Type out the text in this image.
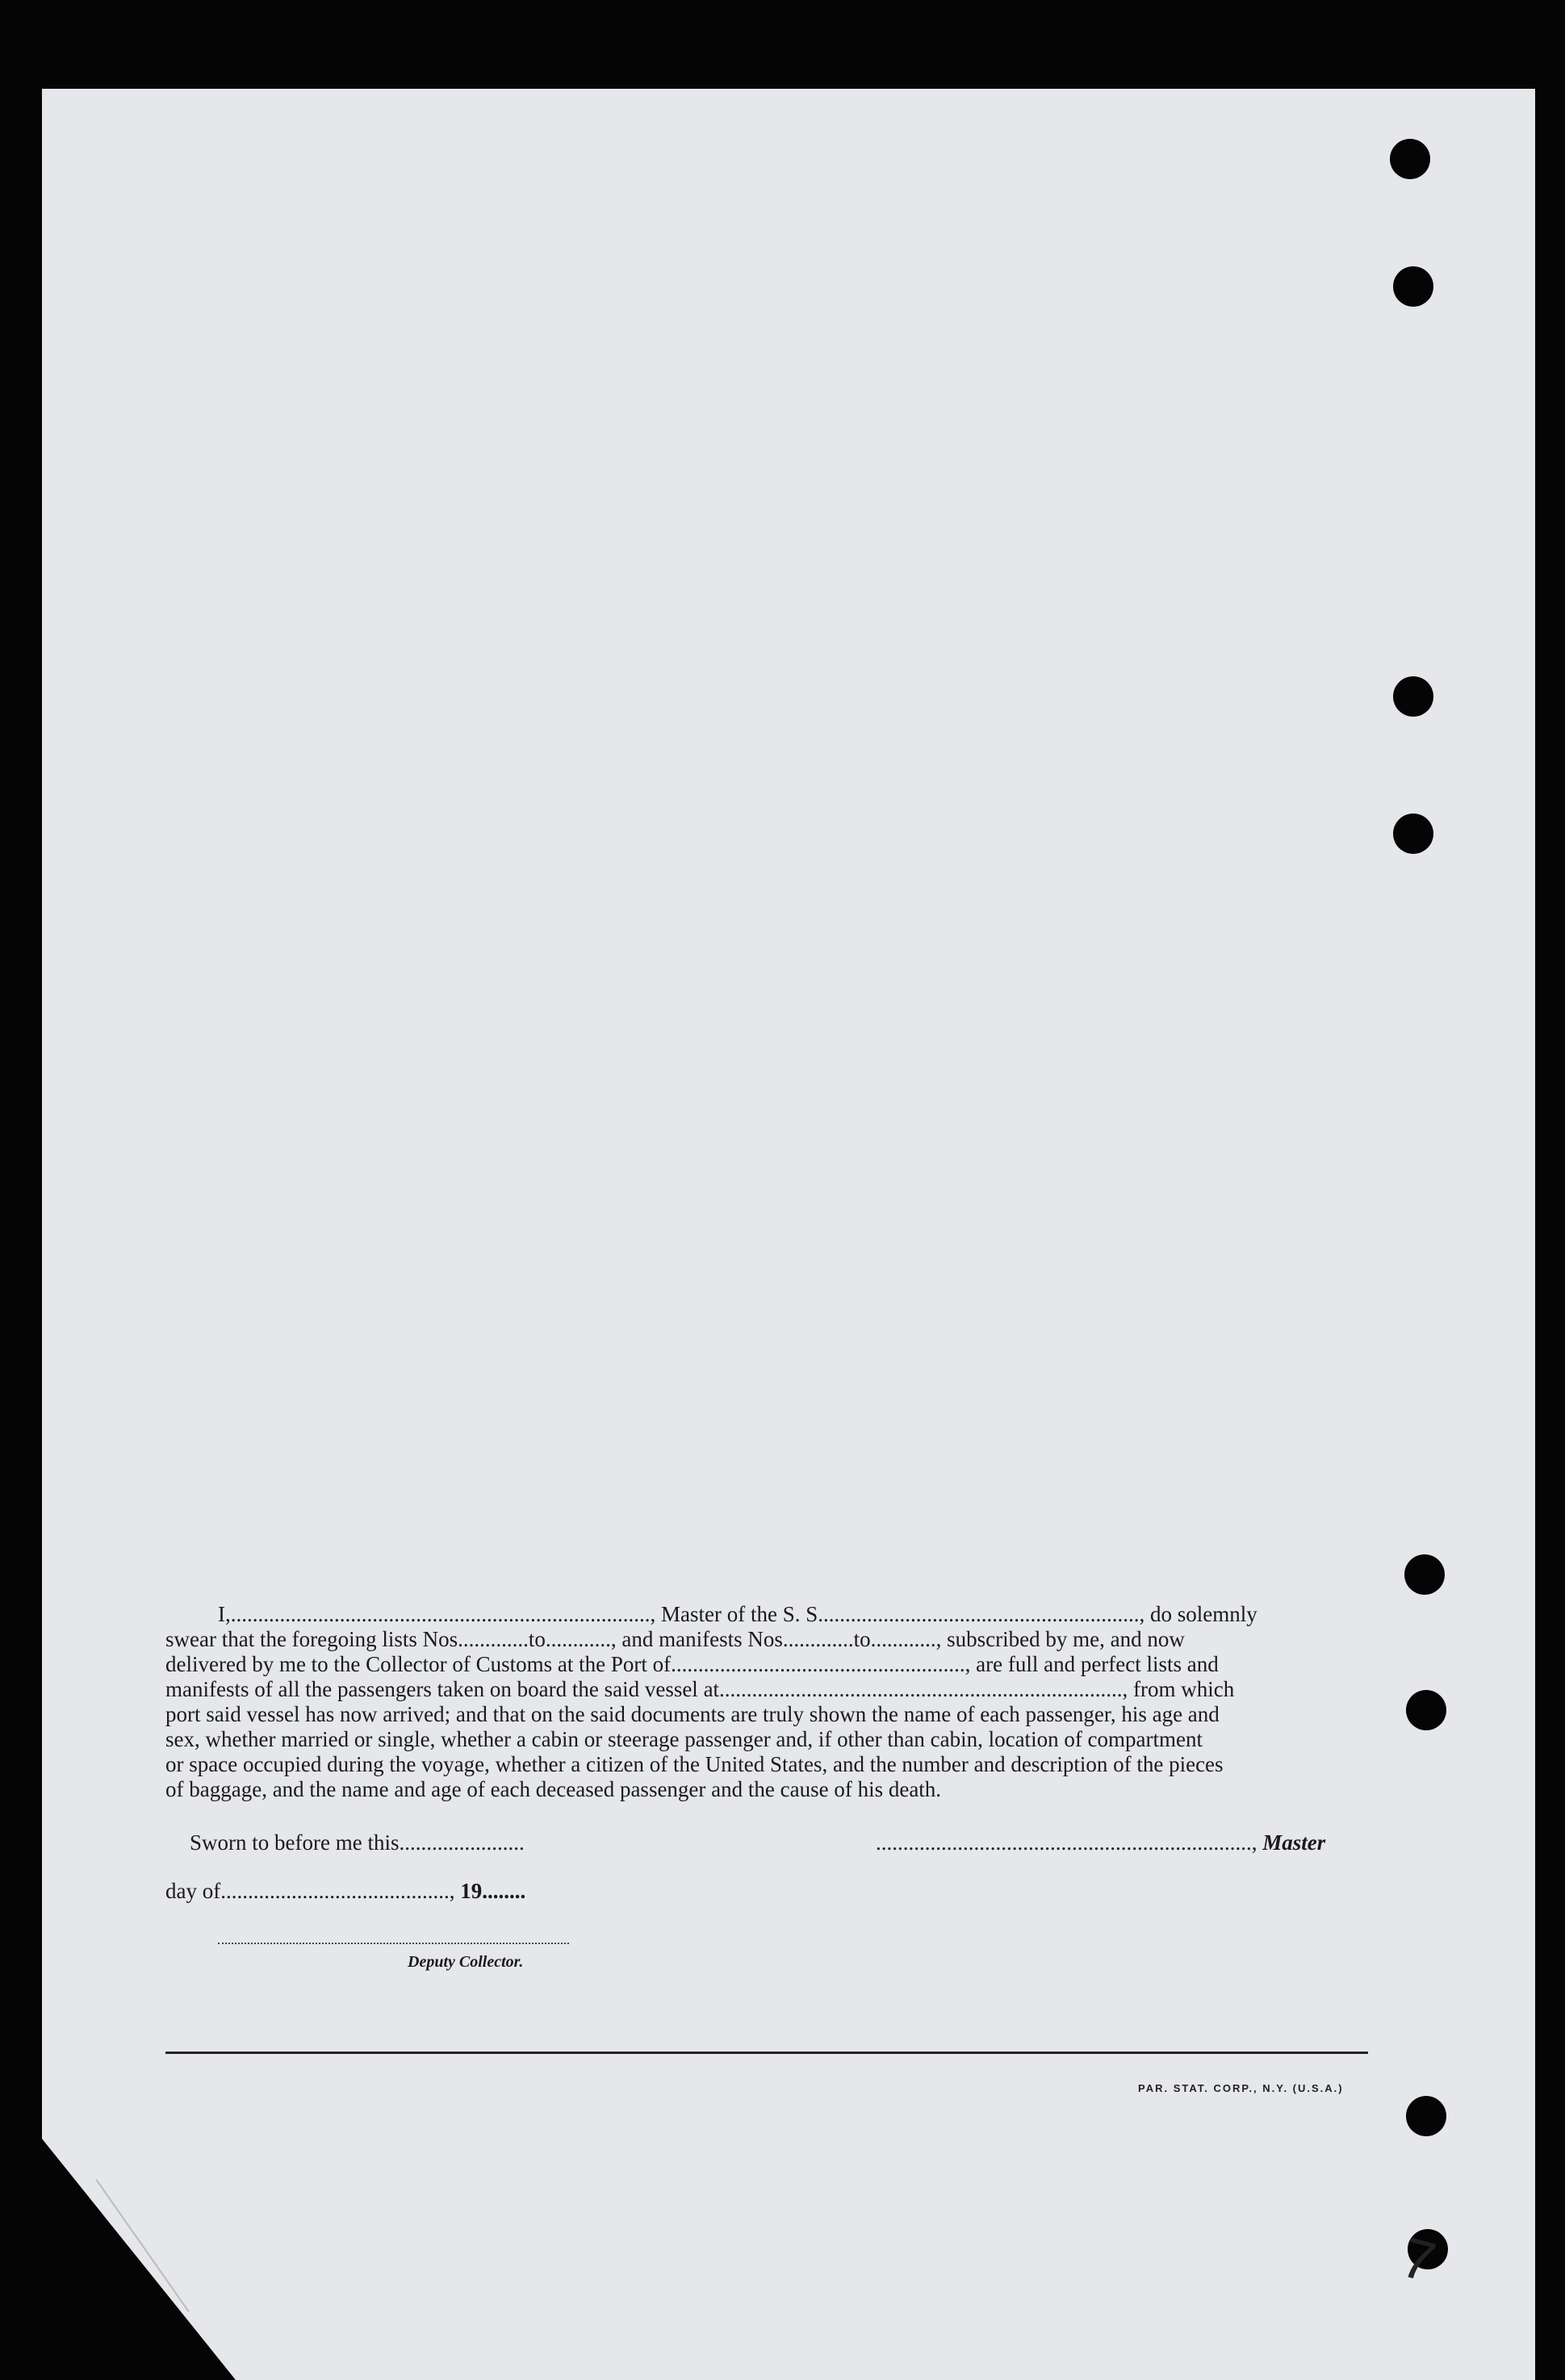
I,............................................................................., Master of the S. S..........................................................., do solemnly
swear that the foregoing lists Nos.............to............, and manifests Nos.............to............, subscribed by me, and now
delivered by me to the Collector of Customs at the Port of......................................................, are full and perfect lists and
manifests of all the passengers taken on board the said vessel at.........................................................................., from which
port said vessel has now arrived; and that on the said documents are truly shown the name of each passenger, his age and
sex, whether married or single, whether a cabin or steerage passenger and, if other than cabin, location of compartment
or space occupied during the voyage, whether a citizen of the United States, and the number and description of the pieces
of baggage, and the name and age of each deceased passenger and the cause of his death.
Sworn to before me this.......................	....................................................................., Master
day of.........................................., 19........
Deputy Collector.
PAR. STAT. CORP., N.Y. (U.S.A.)
7
